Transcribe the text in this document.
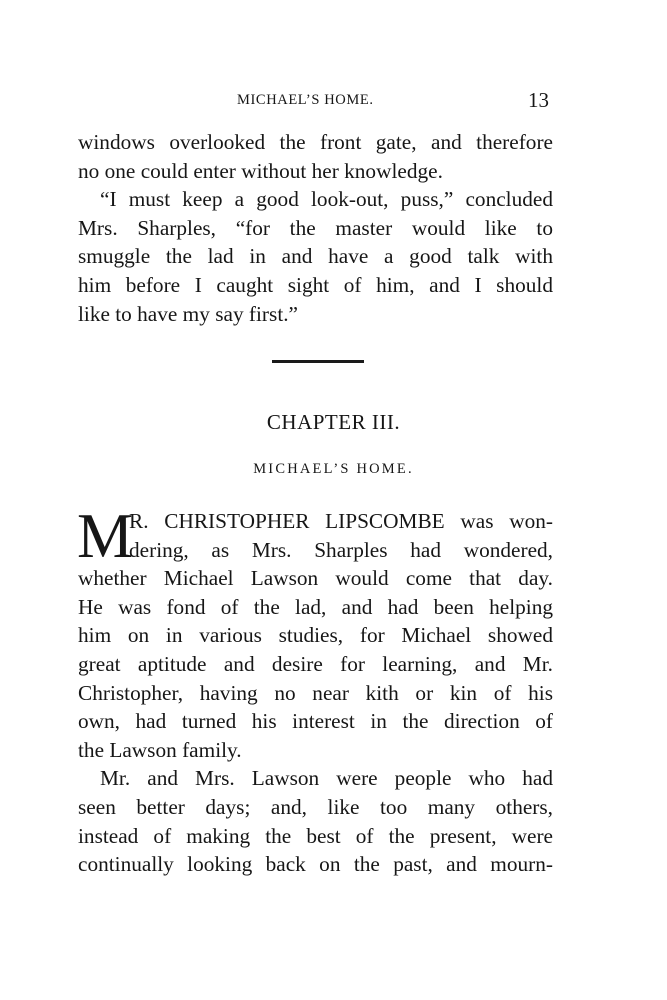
MICHAEL’S HOME.	13
windows overlooked the front gate, and therefore
no one could enter without her knowledge.
“I must keep a good look-out, puss,” concluded
Mrs. Sharples, “for the master would like to
smuggle the lad in and have a good talk with
him before I caught sight of him, and I should
like to have my say first.”
CHAPTER III.
MICHAEL’S HOME.
M
R. CHRISTOPHER LIPSCOMBE was won-
dering, as Mrs. Sharples had wondered,
whether Michael Lawson would come that day.
He was fond of the lad, and had been helping
him on in various studies, for Michael showed
great aptitude and desire for learning, and Mr.
Christopher, having no near kith or kin of his
own, had turned his interest in the direction of
the Lawson family.
Mr. and Mrs. Lawson were people who had
seen better days; and, like too many others,
instead of making the best of the present, were
continually looking back on the past, and mourn-
